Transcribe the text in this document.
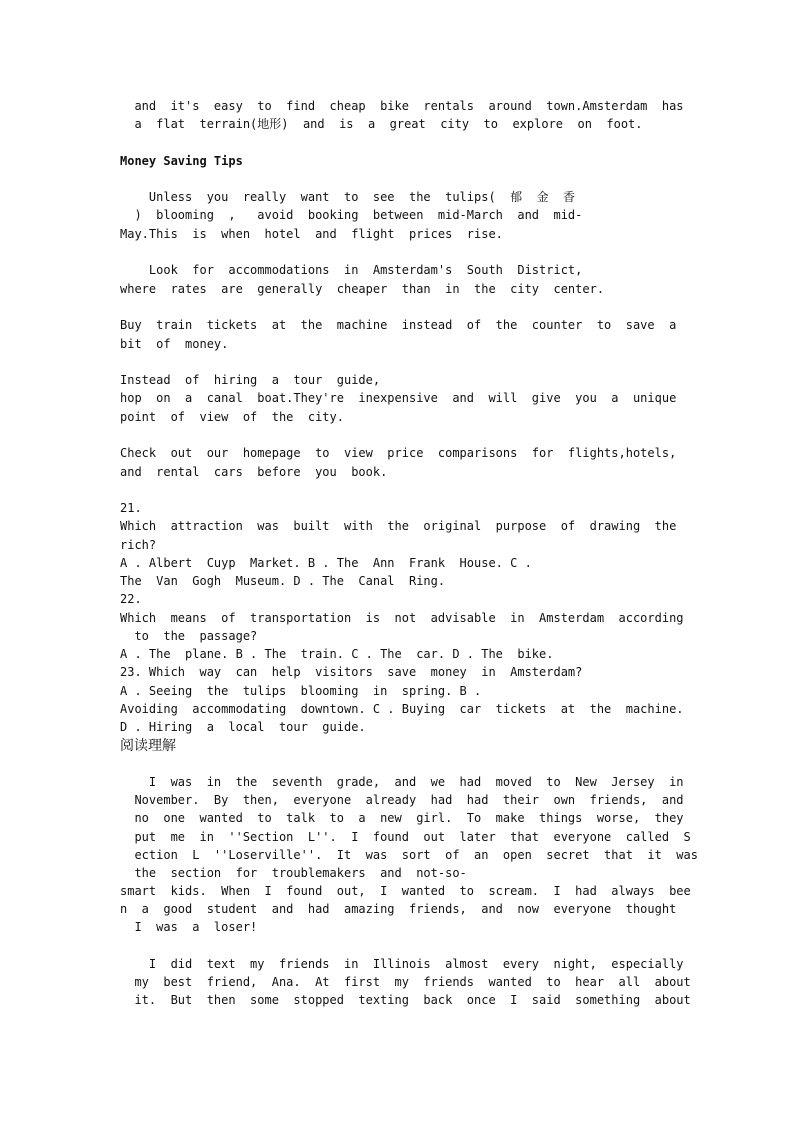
and  it's  easy  to  find  cheap  bike  rentals  around  town.Amsterdam  has
a  flat  terrain(地形)  and  is  a  great  city  to  explore  on  foot.
Money Saving Tips
Unless  you  really  want  to  see  the  tulips(  郁  金  香
)  blooming  ,   avoid  booking  between  mid-March  and  mid-
May.This  is  when  hotel  and  flight  prices  rise.
Look  for  accommodations  in  Amsterdam's  South  District,
where  rates  are  generally  cheaper  than  in  the  city  center.
Buy  train  tickets  at  the  machine  instead  of  the  counter  to  save  a
bit  of  money.
Instead  of  hiring  a  tour  guide,
hop  on  a  canal  boat.They're  inexpensive  and  will  give  you  a  unique
point  of  view  of  the  city.
Check  out  our  homepage  to  view  price  comparisons  for  flights,hotels,
and  rental  cars  before  you  book.
21.
Which  attraction  was  built  with  the  original  purpose  of  drawing  the
rich?
A . Albert  Cuyp  Market. B . The  Ann  Frank  House. C .
The  Van  Gogh  Museum. D . The  Canal  Ring.
22.
Which  means  of  transportation  is  not  advisable  in  Amsterdam  according
to  the  passage?
A . The  plane. B . The  train. C . The  car. D . The  bike.
23. Which  way  can  help  visitors  save  money  in  Amsterdam?
A . Seeing  the  tulips  blooming  in  spring. B .
Avoiding  accommodating  downtown. C . Buying  car  tickets  at  the  machine.
D . Hiring  a  local  tour  guide.
阅读理解
I  was  in  the  seventh  grade,  and  we  had  moved  to  New  Jersey  in
November.  By  then,  everyone  already  had  had  their  own  friends,  and
no  one  wanted  to  talk  to  a  new  girl.  To  make  things  worse,  they
put  me  in  ''Section  L''.  I  found  out  later  that  everyone  called  S
ection  L  ''Loserville''.  It  was  sort  of  an  open  secret  that  it  was
the  section  for  troublemakers  and  not-so-
smart  kids.  When  I  found  out,  I  wanted  to  scream.  I  had  always  bee
n  a  good  student  and  had  amazing  friends,  and  now  everyone  thought
I  was  a  loser!
I  did  text  my  friends  in  Illinois  almost  every  night,  especially
my  best  friend,  Ana.  At  first  my  friends  wanted  to  hear  all  about
it.  But  then  some  stopped  texting  back  once  I  said  something  about
